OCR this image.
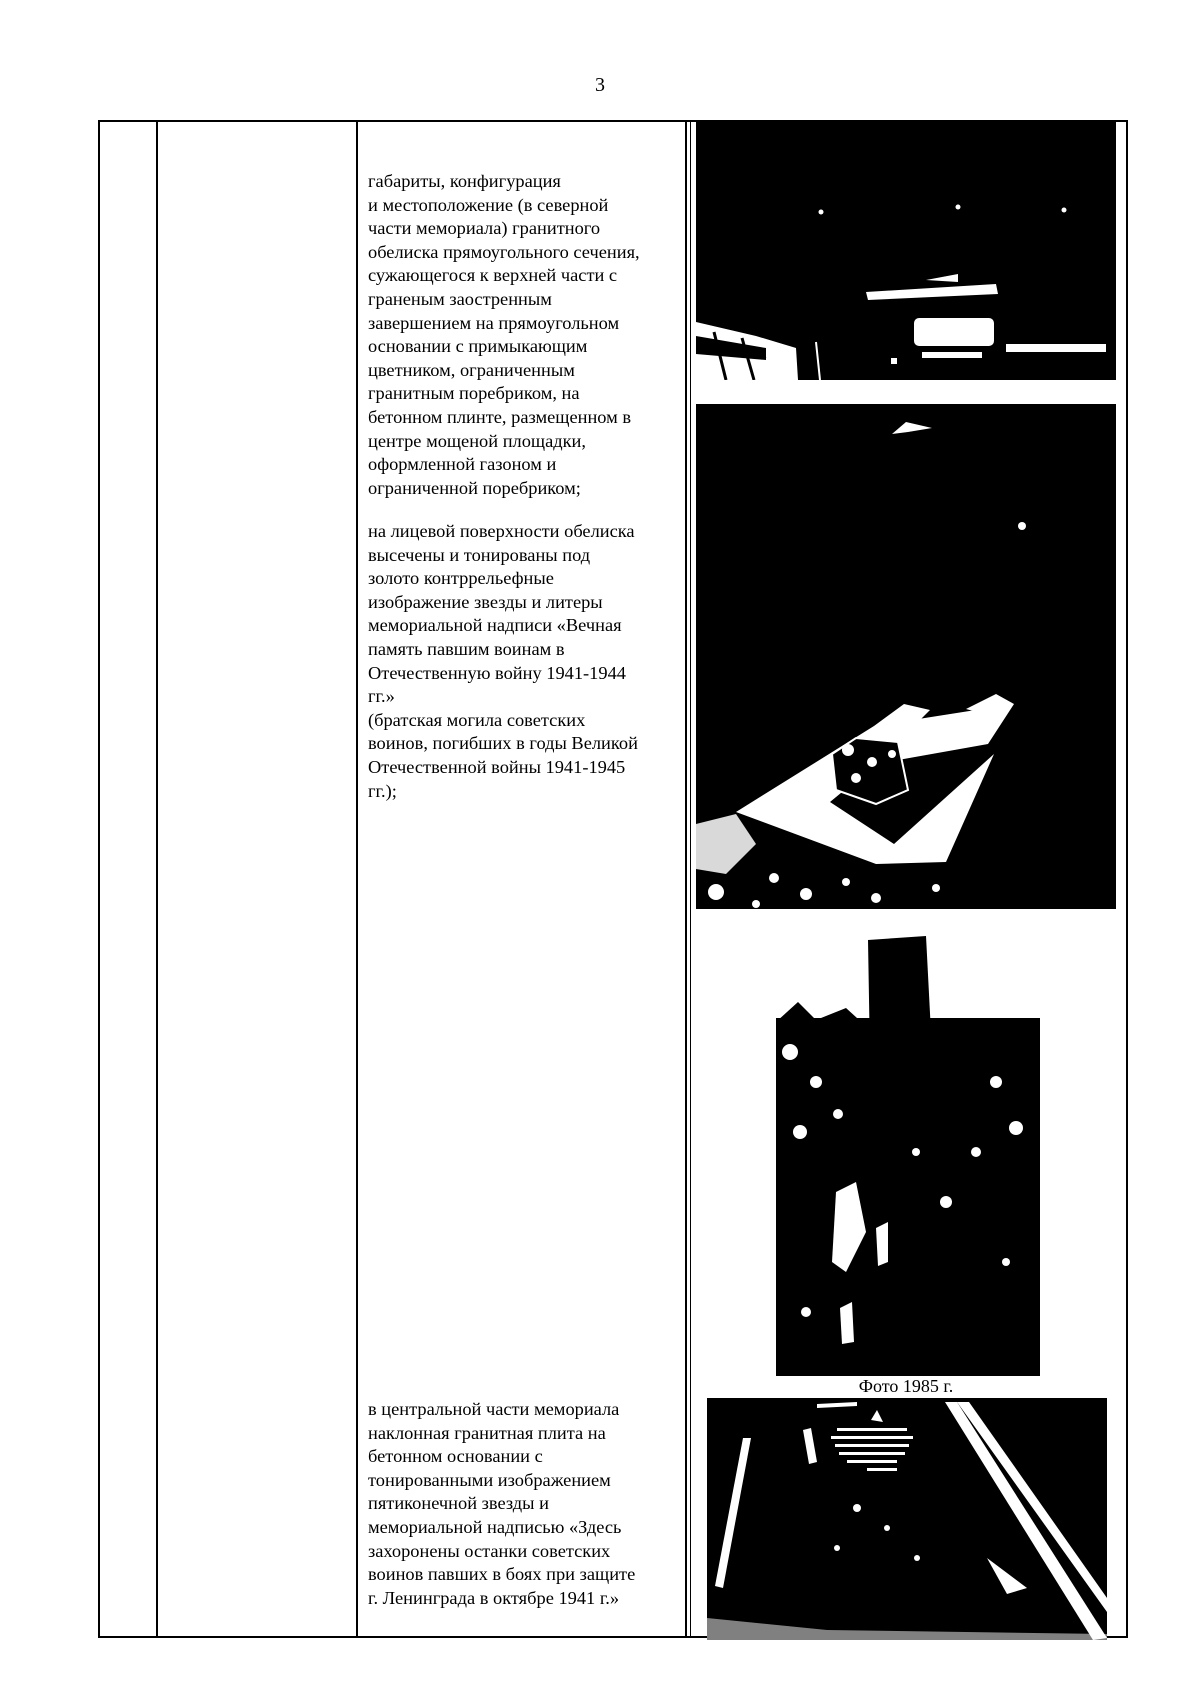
3
габариты, конфигурация
и местоположение (в северной
части мемориала) гранитного
обелиска прямоугольного сечения,
сужающегося к верхней части с
граненым заостренным
завершением на прямоугольном
основании с примыкающим
цветником, ограниченным
гранитным поребриком, на
бетонном плинте, размещенном в
центре мощеной площадки,
оформленной газоном и
ограниченной поребриком;
на лицевой поверхности обелиска
высечены и тонированы под
золото контррельефные
изображение звезды и литеры
мемориальной надписи «Вечная
память павшим воинам в
Отечественную войну 1941-1944
гг.»
(братская могила советских
воинов, погибших в годы Великой
Отечественной войны 1941-1945
гг.);
в центральной части мемориала
наклонная гранитная плита на
бетонном основании с
тонированными изображением
пятиконечной звезды и
мемориальной надписью «Здесь
захоронены останки советских
воинов павших в боях при защите
г. Ленинграда в октябре 1941 г.»
Фото 1985 г.
